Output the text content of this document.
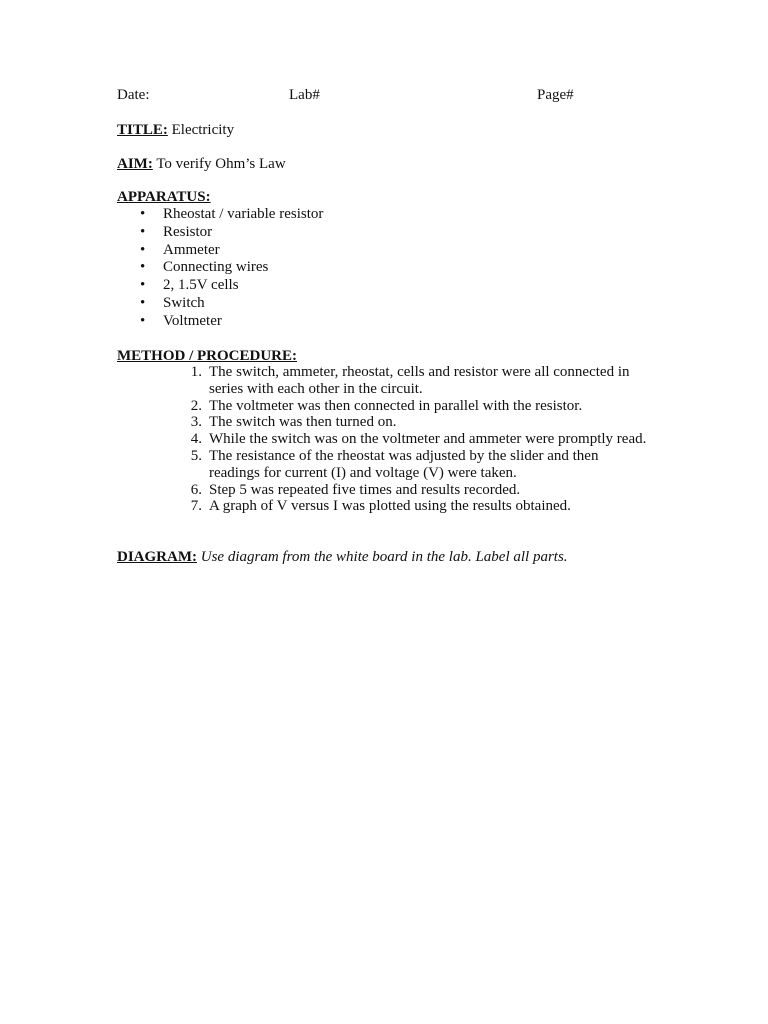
Date:	Lab#	Page#
TITLE: Electricity
AIM: To verify Ohm’s Law
APPARATUS:
• Rheostat / variable resistor
• Resistor
• Ammeter
• Connecting wires
• 2, 1.5V cells
• Switch
• Voltmeter
METHOD / PROCEDURE:
1. The switch, ammeter, rheostat, cells and resistor were all connected in series with each other in the circuit.
2. The voltmeter was then connected in parallel with the resistor.
3. The switch was then turned on.
4. While the switch was on the voltmeter and ammeter were promptly read.
5. The resistance of the rheostat was adjusted by the slider and then readings for current (I) and voltage (V) were taken.
6. Step 5 was repeated five times and results recorded.
7. A graph of V versus I was plotted using the results obtained.
DIAGRAM: Use diagram from the white board in the lab. Label all parts.
